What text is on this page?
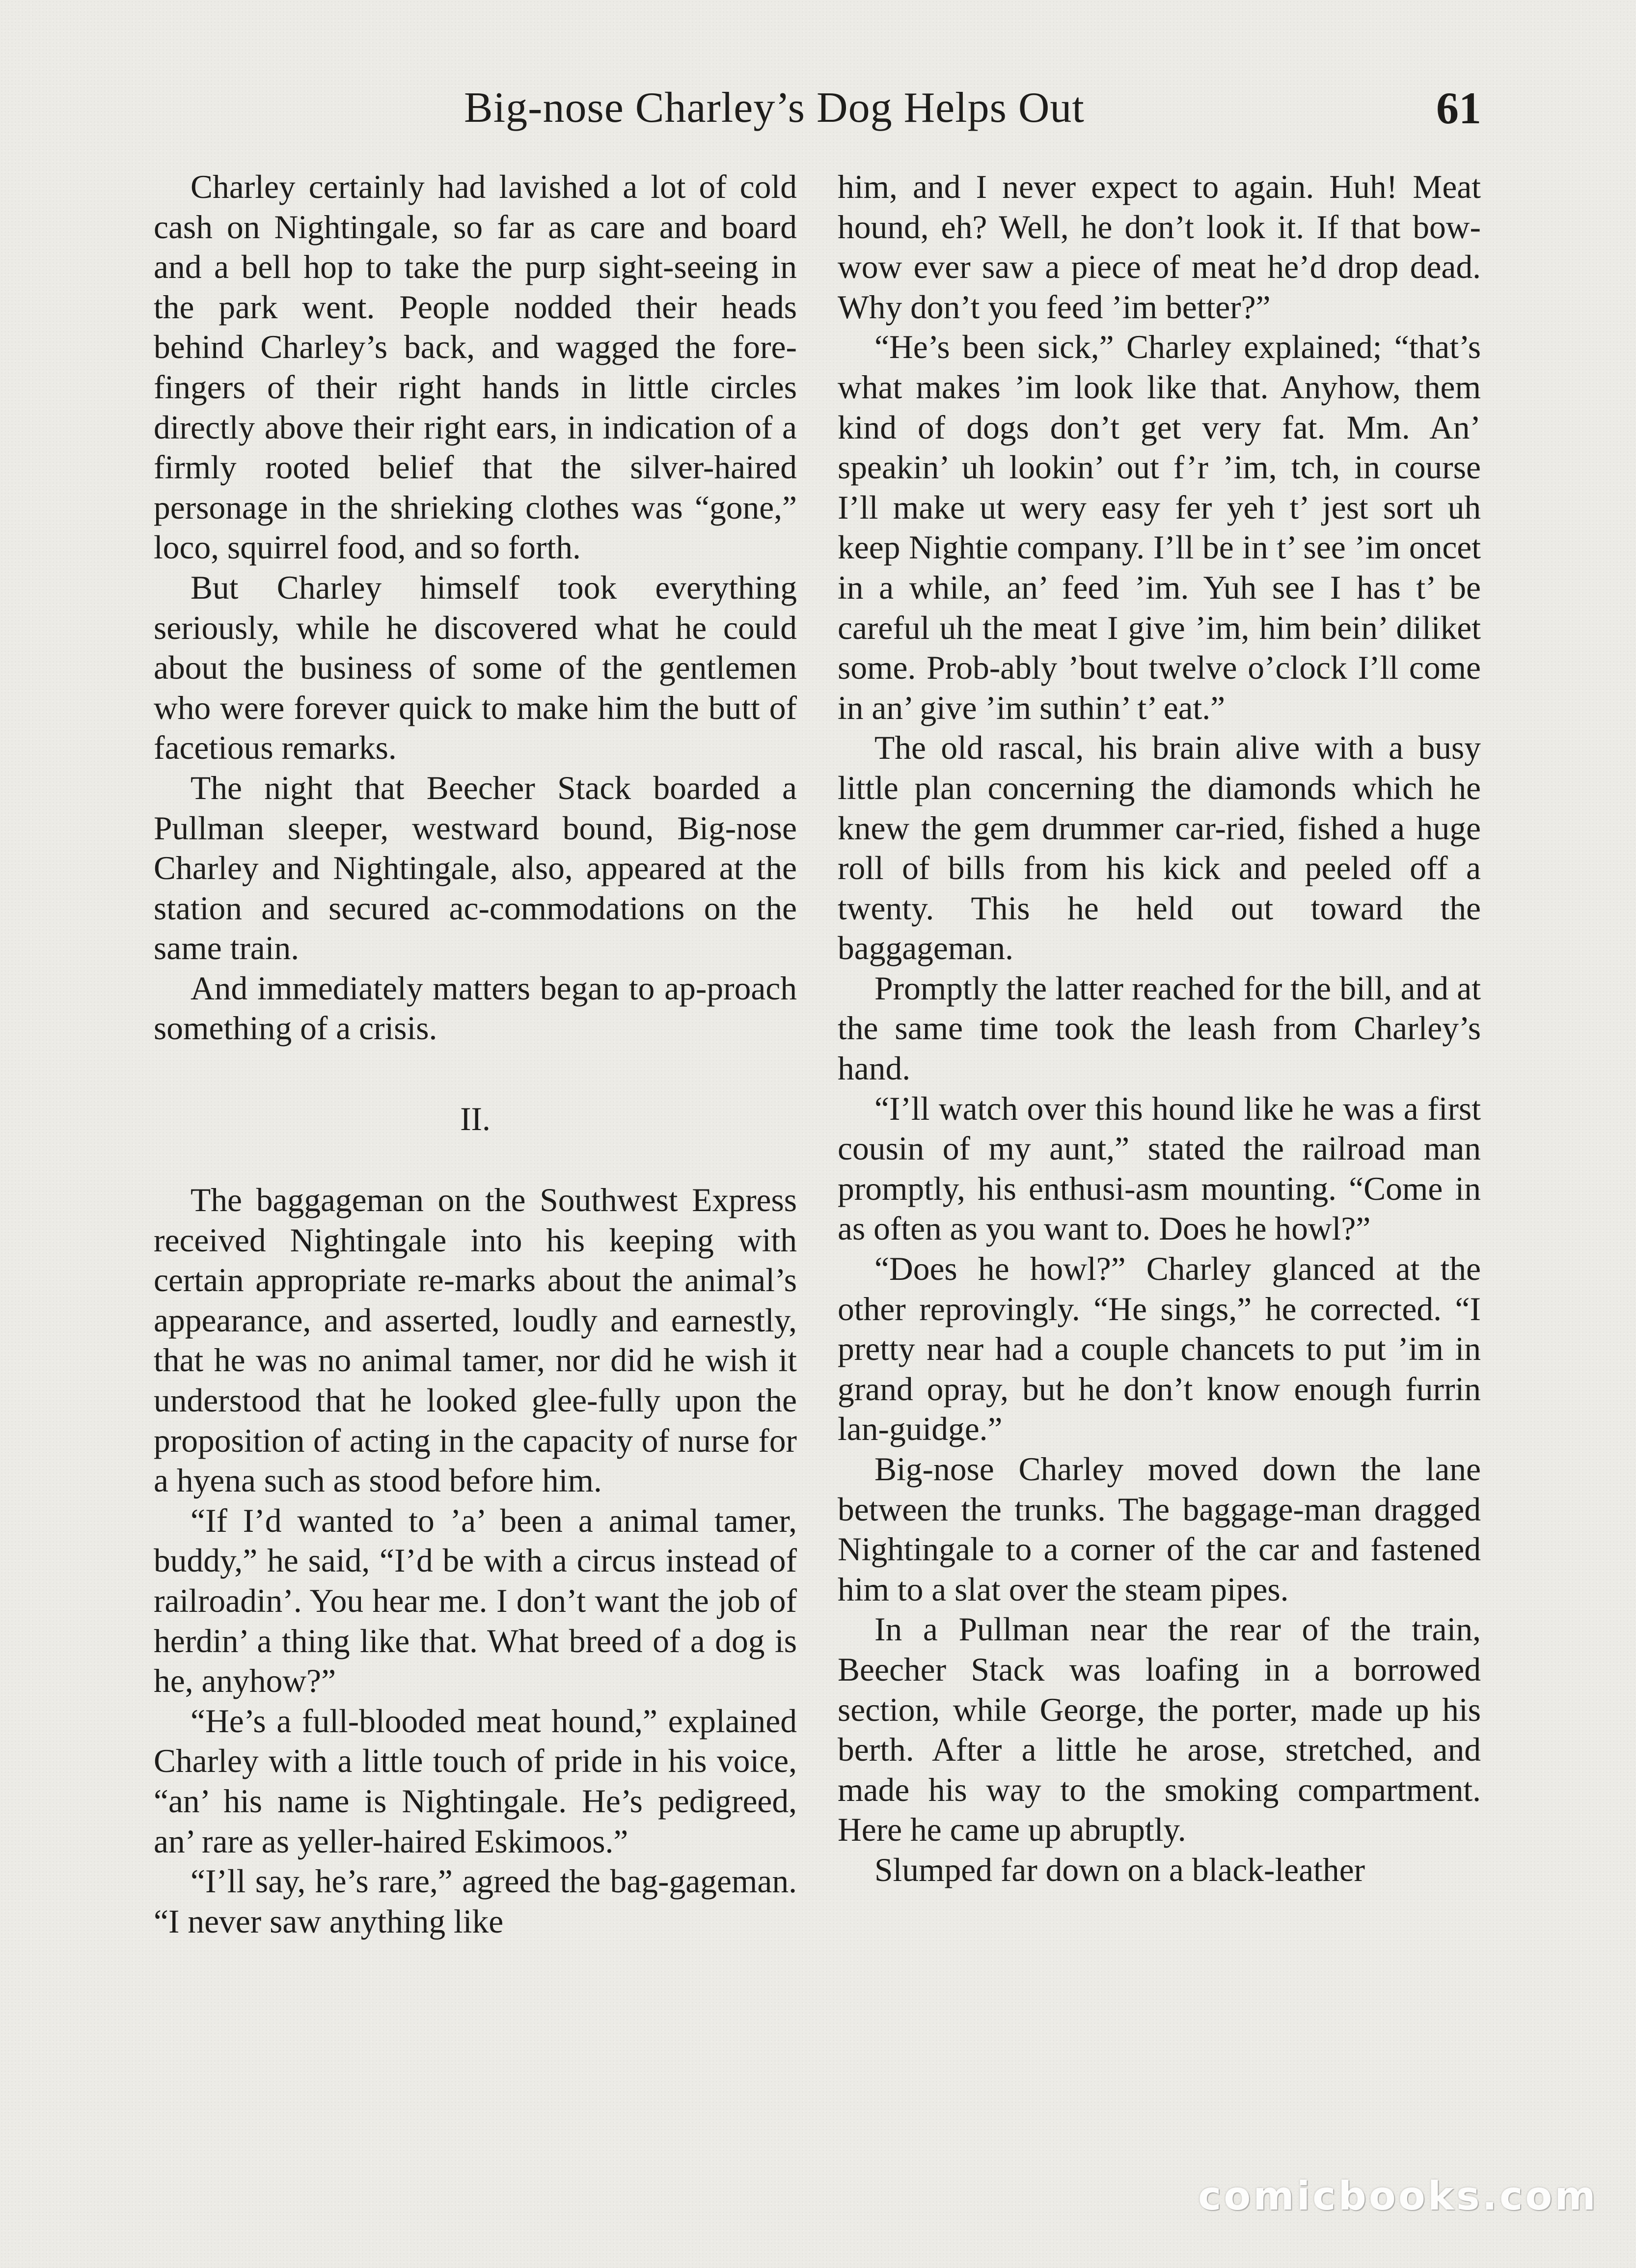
Big-nose Charley’s Dog Helps Out	61

Charley certainly had lavished a lot of cold cash on Nightingale, so far as care and board and a bell hop to take the purp sight-seeing in the park went. People nodded their heads behind Charley’s back, and wagged the fore-fingers of their right hands in little circles directly above their right ears, in indication of a firmly rooted belief that the silver-haired personage in the shrieking clothes was “gone,” loco, squirrel food, and so forth.

But Charley himself took everything seriously, while he discovered what he could about the business of some of the gentlemen who were forever quick to make him the butt of facetious remarks.

The night that Beecher Stack boarded a Pullman sleeper, westward bound, Big-nose Charley and Nightingale, also, appeared at the station and secured ac-commodations on the same train.

And immediately matters began to ap-proach something of a crisis.

II.

The baggageman on the Southwest Express received Nightingale into his keeping with certain appropriate re-marks about the animal’s appearance, and asserted, loudly and earnestly, that he was no animal tamer, nor did he wish it understood that he looked glee-fully upon the proposition of acting in the capacity of nurse for a hyena such as stood before him.

“If I’d wanted to ’a’ been a animal tamer, buddy,” he said, “I’d be with a circus instead of railroadin’. You hear me. I don’t want the job of herdin’ a thing like that. What breed of a dog is he, anyhow?”

“He’s a full-blooded meat hound,” explained Charley with a little touch of pride in his voice, “an’ his name is Nightingale. He’s pedigreed, an’ rare as yeller-haired Eskimoos.”

“I’ll say, he’s rare,” agreed the bag-gageman. “I never saw anything like

him, and I never expect to again. Huh! Meat hound, eh? Well, he don’t look it. If that bow-wow ever saw a piece of meat he’d drop dead. Why don’t you feed ’im better?”

“He’s been sick,” Charley explained; “that’s what makes ’im look like that. Anyhow, them kind of dogs don’t get very fat. Mm. An’ speakin’ uh lookin’ out f’r ’im, tch, in course I’ll make ut wery easy fer yeh t’ jest sort uh keep Nightie company. I’ll be in t’ see ’im oncet in a while, an’ feed ’im. Yuh see I has t’ be careful uh the meat I give ’im, him bein’ diliket some. Prob-ably ’bout twelve o’clock I’ll come in an’ give ’im suthin’ t’ eat.”

The old rascal, his brain alive with a busy little plan concerning the diamonds which he knew the gem drummer car-ried, fished a huge roll of bills from his kick and peeled off a twenty. This he held out toward the baggageman.

Promptly the latter reached for the bill, and at the same time took the leash from Charley’s hand.

“I’ll watch over this hound like he was a first cousin of my aunt,” stated the railroad man promptly, his enthusi-asm mounting. “Come in as often as you want to. Does he howl?”

“Does he howl?” Charley glanced at the other reprovingly. “He sings,” he corrected. “I pretty near had a couple chancets to put ’im in grand opray, but he don’t know enough furrin lan-guidge.”

Big-nose Charley moved down the lane between the trunks. The baggage-man dragged Nightingale to a corner of the car and fastened him to a slat over the steam pipes.

In a Pullman near the rear of the train, Beecher Stack was loafing in a borrowed section, while George, the porter, made up his berth. After a little he arose, stretched, and made his way to the smoking compartment. Here he came up abruptly.

Slumped far down on a black-leather

comicbooks.com
